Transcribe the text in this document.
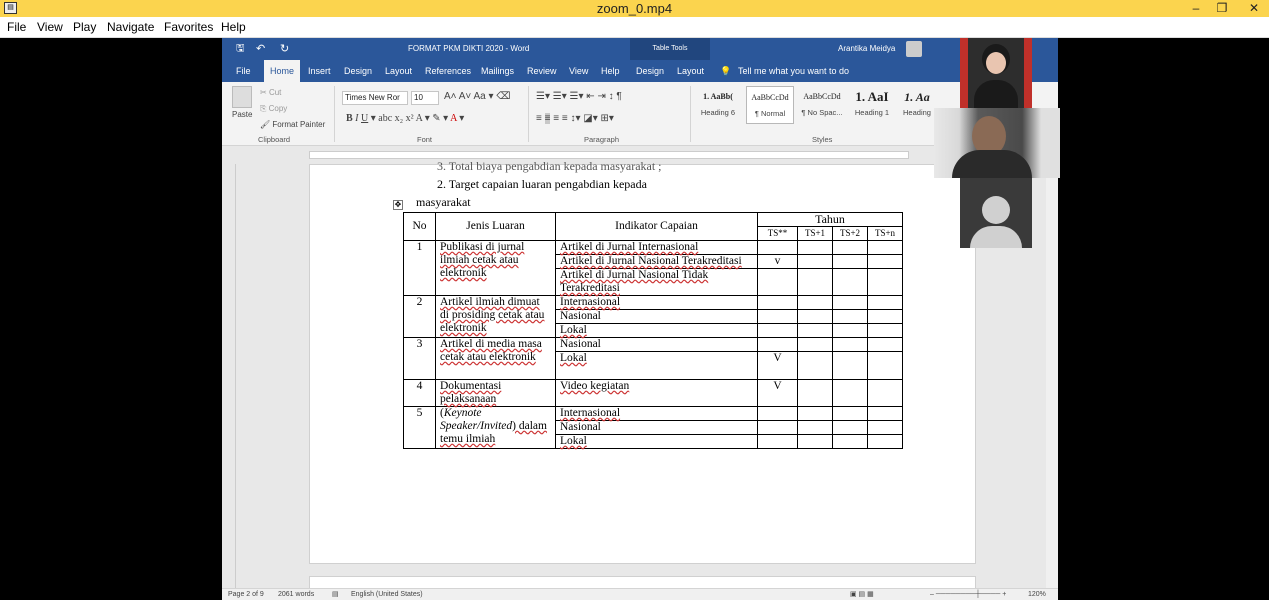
▤	zoom_0.mp4	–	❐	✕
File View Play Navigate Favorites Help
🖫 ↶ ↻	FORMAT PKM DIKTI 2020 - Word	Table Tools	Arantika Meidya
File	Home	Insert Design Layout References Mailings Review View Help Design Layout 💡 Tell me what you want to do
Paste
✂ Cut
⎘ Copy
🖌 Format Painter
Clipboard
Times New Ror	10	A˄ A˅ Aa ▾ ⌫
B I U ▾ abc x₂ x² A ▾ ✎ ▾ A ▾
Font
☰▾ ☰▾ ☰▾ ⇤ ⇥ ↕ ¶
≡ ≡ ≡ ≡ ↕▾ ◪▾ ⊞▾
Paragraph
1. AaBb(
Heading 6
AaBbCcDd
¶ Normal
AaBbCcDd
¶ No Spac...
1. AaI
Heading 1
1. Aa
Heading
Styles
3. Total biaya pengabdian kepada masyarakat ;
2. Target capaian luaran pengabdian kepada
masyarakat
✥
No	Jenis Luaran	Indikator Capaian	Tahun			
			TS**	TS+1	TS+2	TS+n
1	Publikasi di jurnal ilmiah cetak atau elektronik	Artikel di Jurnal Internasional				
		Artikel di Jurnal Nasional Terakreditasi	v			
		Artikel di Jurnal Nasional Tidak Terakreditasi				
2	Artikel ilmiah dimuat di prosiding cetak atau elektronik	Internasional				
		Nasional				
		Lokal				
3	Artikel di media masa cetak atau elektronik	Nasional				
		Lokal	V			
4	Dokumentasi pelaksanaan	Video kegiatan	V			
5	(Keynote Speaker/Invited) dalam temu ilmiah	Internasional				
		Nasional				
		Lokal				
Page 2 of 9 2061 words	▤ English (United States)	▣ ▤ ▦	– ────────┼──── +	120%
